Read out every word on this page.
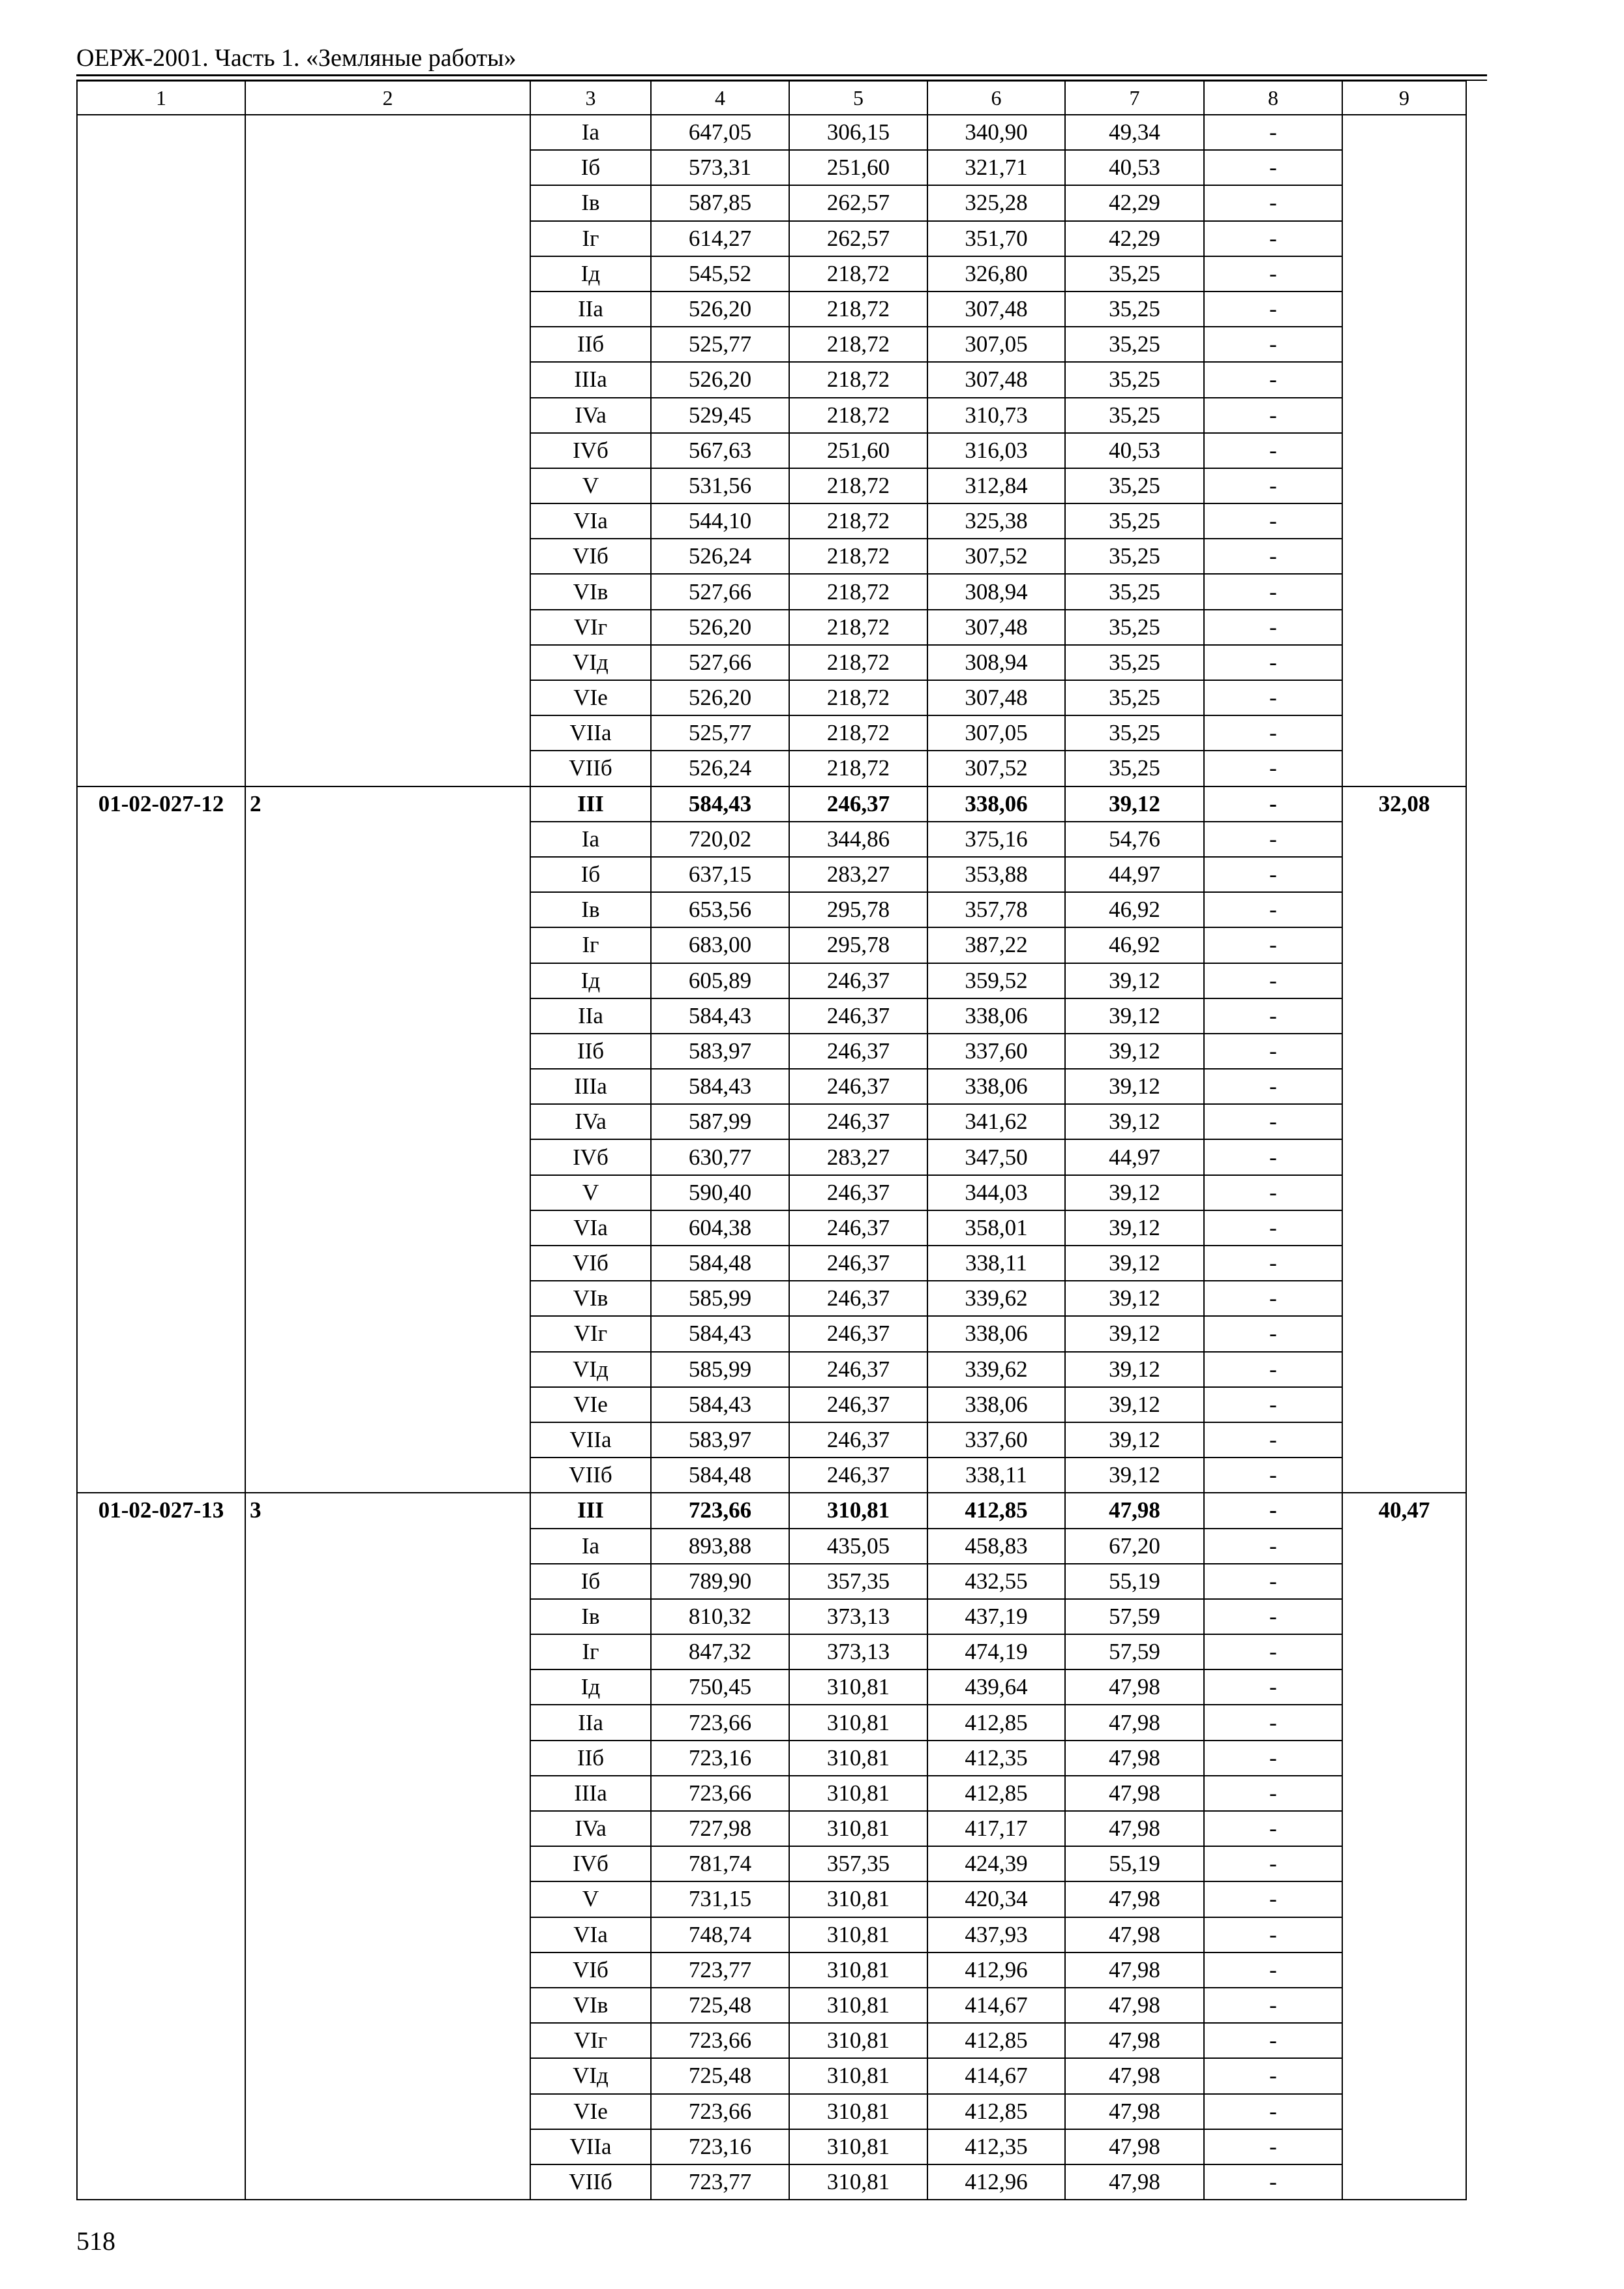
ОЕРЖ-2001. Часть 1. «Земляные работы»
1	2	3	4	5	6	7	8	9
		Ia	647,05	306,15	340,90	49,34	-	
		Iб	573,31	251,60	321,71	40,53	-	
		Iв	587,85	262,57	325,28	42,29	-	
		Iг	614,27	262,57	351,70	42,29	-	
		Iд	545,52	218,72	326,80	35,25	-	
		IIa	526,20	218,72	307,48	35,25	-	
		IIб	525,77	218,72	307,05	35,25	-	
		IIIa	526,20	218,72	307,48	35,25	-	
		IVa	529,45	218,72	310,73	35,25	-	
		IVб	567,63	251,60	316,03	40,53	-	
		V	531,56	218,72	312,84	35,25	-	
		VIa	544,10	218,72	325,38	35,25	-	
		VIб	526,24	218,72	307,52	35,25	-	
		VIв	527,66	218,72	308,94	35,25	-	
		VIг	526,20	218,72	307,48	35,25	-	
		VIд	527,66	218,72	308,94	35,25	-	
		VIe	526,20	218,72	307,48	35,25	-	
		VIIa	525,77	218,72	307,05	35,25	-	
		VIIб	526,24	218,72	307,52	35,25	-	
01-02-027-12	2	III	584,43	246,37	338,06	39,12	-	32,08
		Ia	720,02	344,86	375,16	54,76	-	
		Iб	637,15	283,27	353,88	44,97	-	
		Iв	653,56	295,78	357,78	46,92	-	
		Iг	683,00	295,78	387,22	46,92	-	
		Iд	605,89	246,37	359,52	39,12	-	
		IIa	584,43	246,37	338,06	39,12	-	
		IIб	583,97	246,37	337,60	39,12	-	
		IIIa	584,43	246,37	338,06	39,12	-	
		IVa	587,99	246,37	341,62	39,12	-	
		IVб	630,77	283,27	347,50	44,97	-	
		V	590,40	246,37	344,03	39,12	-	
		VIa	604,38	246,37	358,01	39,12	-	
		VIб	584,48	246,37	338,11	39,12	-	
		VIв	585,99	246,37	339,62	39,12	-	
		VIг	584,43	246,37	338,06	39,12	-	
		VIд	585,99	246,37	339,62	39,12	-	
		VIe	584,43	246,37	338,06	39,12	-	
		VIIa	583,97	246,37	337,60	39,12	-	
		VIIб	584,48	246,37	338,11	39,12	-	
01-02-027-13	3	III	723,66	310,81	412,85	47,98	-	40,47
		Ia	893,88	435,05	458,83	67,20	-	
		Iб	789,90	357,35	432,55	55,19	-	
		Iв	810,32	373,13	437,19	57,59	-	
		Iг	847,32	373,13	474,19	57,59	-	
		Iд	750,45	310,81	439,64	47,98	-	
		IIa	723,66	310,81	412,85	47,98	-	
		IIб	723,16	310,81	412,35	47,98	-	
		IIIa	723,66	310,81	412,85	47,98	-	
		IVa	727,98	310,81	417,17	47,98	-	
		IVб	781,74	357,35	424,39	55,19	-	
		V	731,15	310,81	420,34	47,98	-	
		VIa	748,74	310,81	437,93	47,98	-	
		VIб	723,77	310,81	412,96	47,98	-	
		VIв	725,48	310,81	414,67	47,98	-	
		VIг	723,66	310,81	412,85	47,98	-	
		VIд	725,48	310,81	414,67	47,98	-	
		VIe	723,66	310,81	412,85	47,98	-	
		VIIa	723,16	310,81	412,35	47,98	-	
		VIIб	723,77	310,81	412,96	47,98	-	
518
